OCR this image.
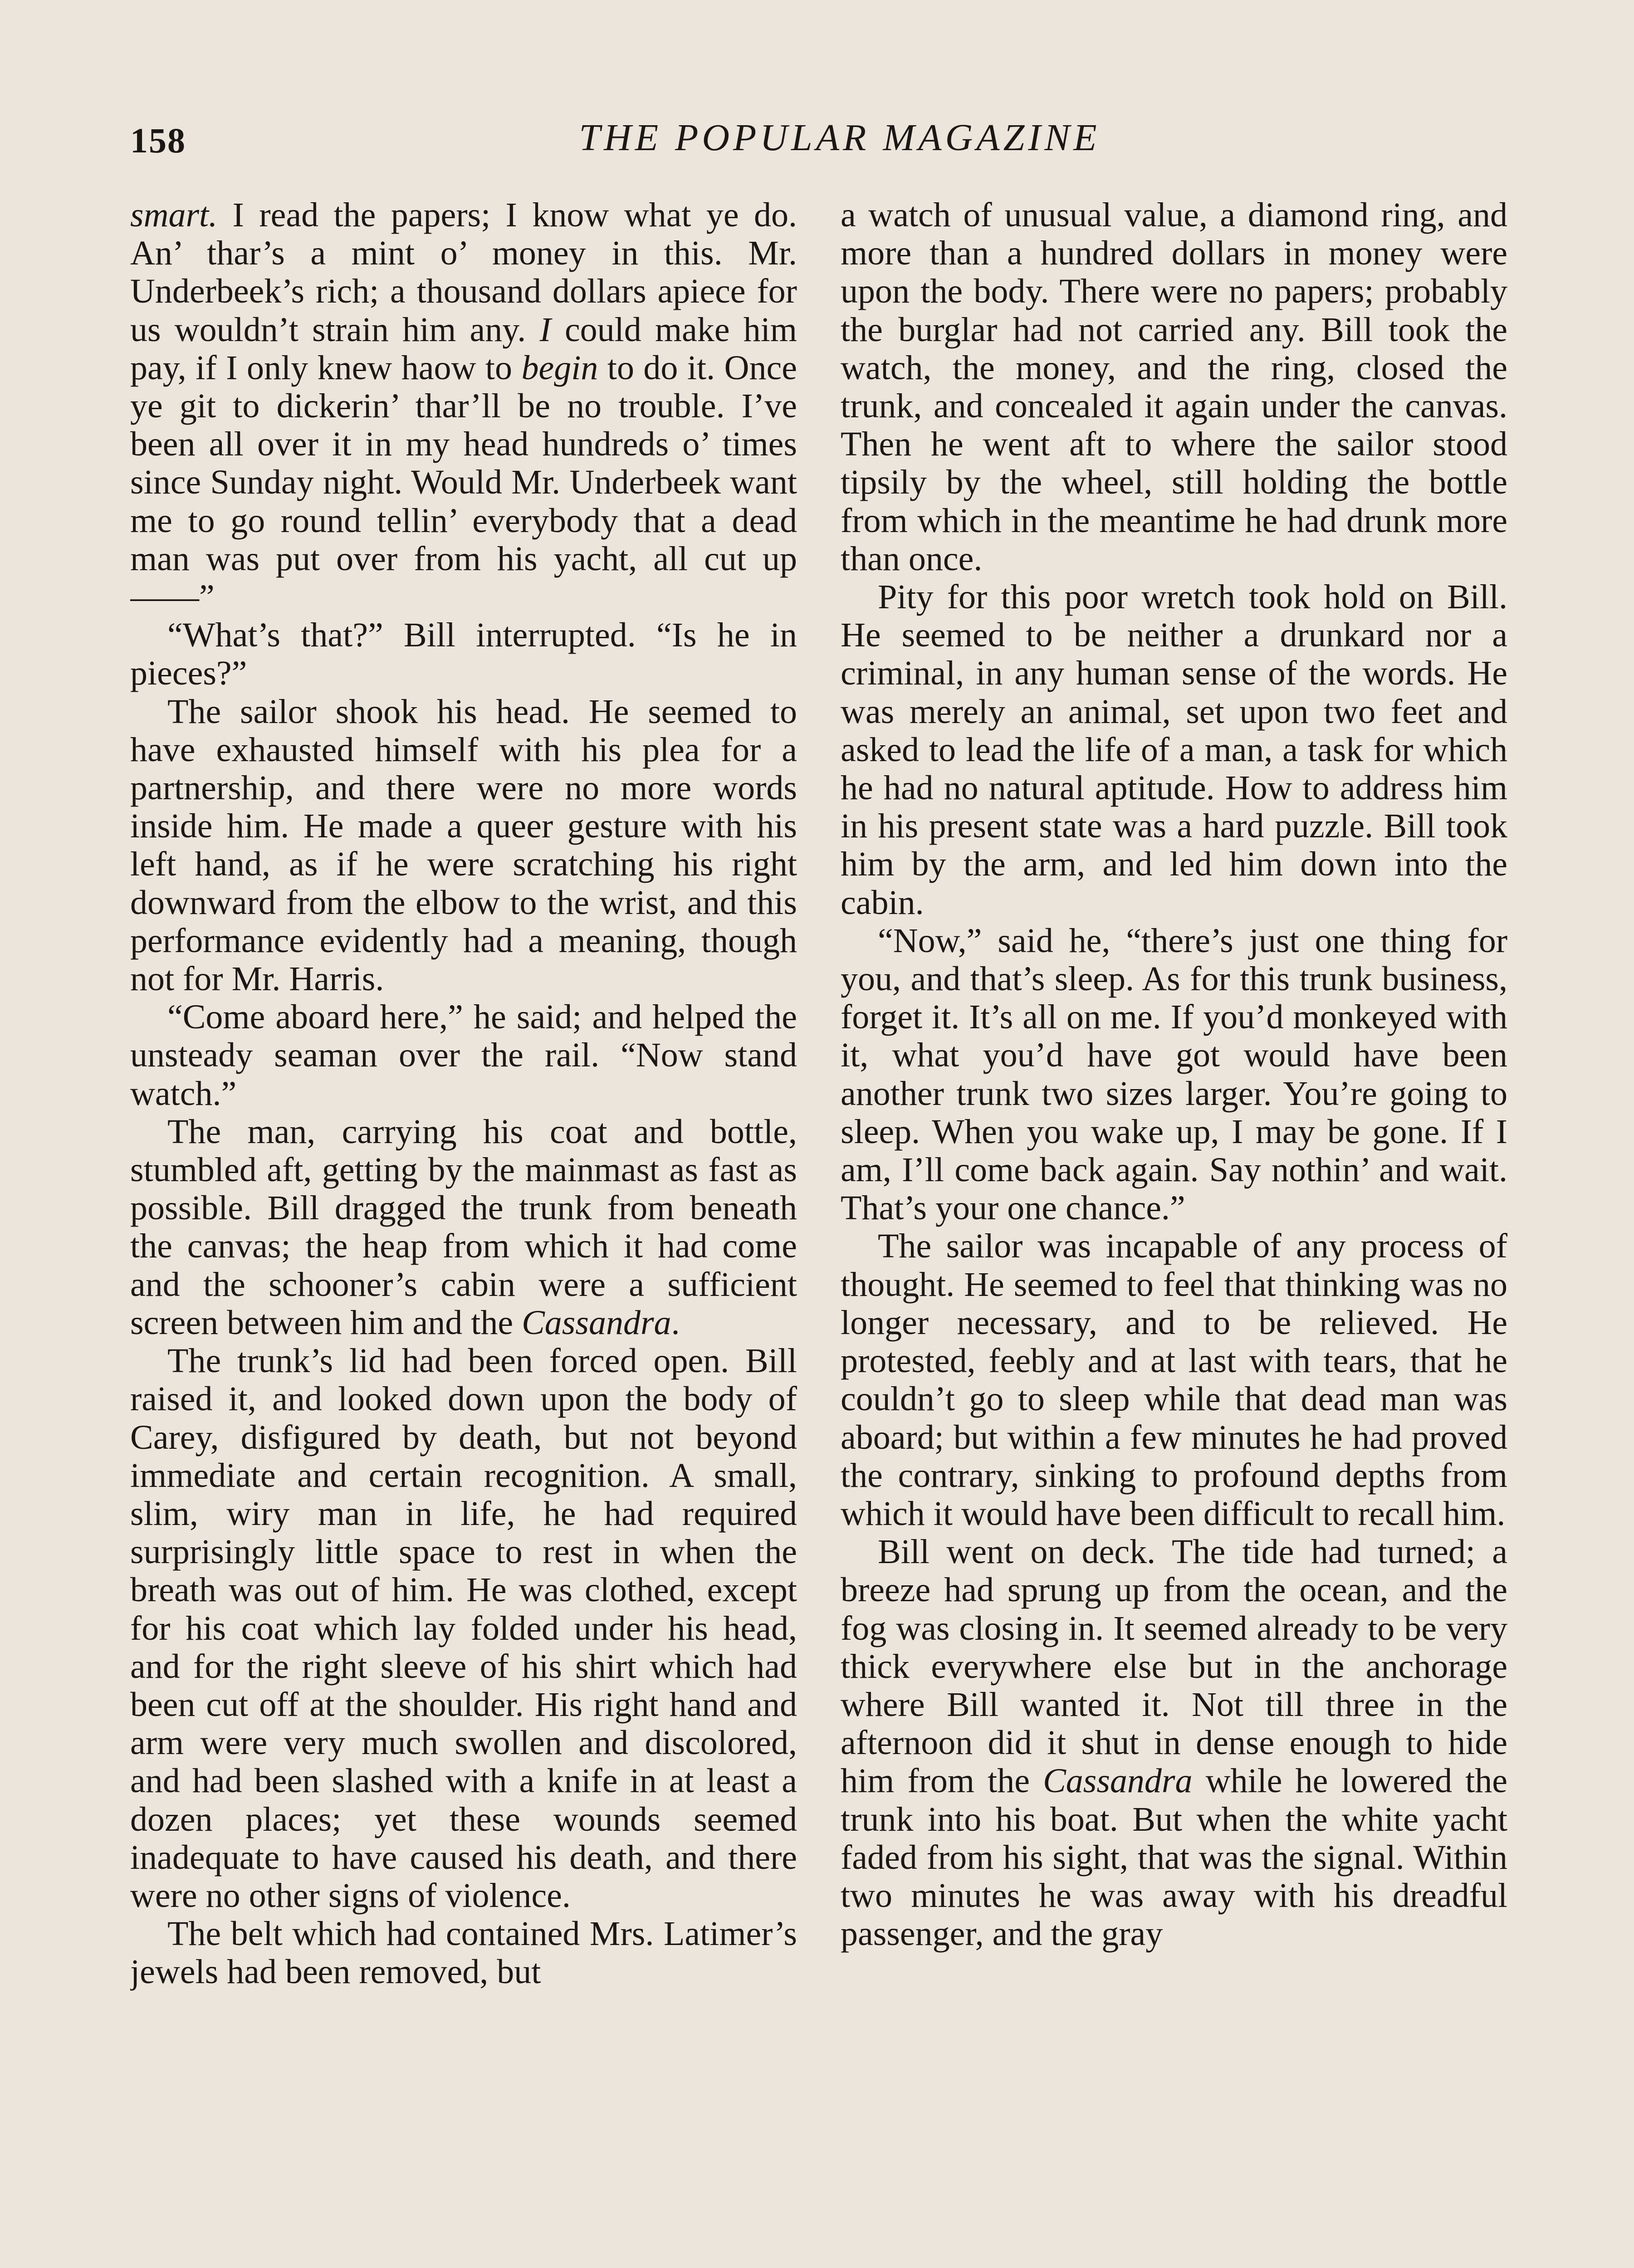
158	THE POPULAR MAGAZINE

smart. I read the papers; I know what ye do. An’ thar’s a mint o’ money in this. Mr. Underbeek’s rich; a thousand dollars apiece for us wouldn’t strain him any. I could make him pay, if I only knew haow to begin to do it. Once ye git to dickerin’ thar’ll be no trouble. I’ve been all over it in my head hundreds o’ times since Sunday night. Would Mr. Underbeek want me to go round tellin’ everybody that a dead man was put over from his yacht, all cut up——”

“What’s that?” Bill interrupted. “Is he in pieces?”

The sailor shook his head. He seemed to have exhausted himself with his plea for a partnership, and there were no more words inside him. He made a queer gesture with his left hand, as if he were scratching his right downward from the elbow to the wrist, and this performance evidently had a meaning, though not for Mr. Harris.

“Come aboard here,” he said; and helped the unsteady seaman over the rail. “Now stand watch.”

The man, carrying his coat and bottle, stumbled aft, getting by the mainmast as fast as possible. Bill dragged the trunk from beneath the canvas; the heap from which it had come and the schooner’s cabin were a sufficient screen between him and the Cassandra.

The trunk’s lid had been forced open. Bill raised it, and looked down upon the body of Carey, disfigured by death, but not beyond immediate and certain recognition. A small, slim, wiry man in life, he had required surprisingly little space to rest in when the breath was out of him. He was clothed, except for his coat which lay folded under his head, and for the right sleeve of his shirt which had been cut off at the shoulder. His right hand and arm were very much swollen and discolored, and had been slashed with a knife in at least a dozen places; yet these wounds seemed inadequate to have caused his death, and there were no other signs of violence.

The belt which had contained Mrs. Latimer’s jewels had been removed, but

a watch of unusual value, a diamond ring, and more than a hundred dollars in money were upon the body. There were no papers; probably the burglar had not carried any. Bill took the watch, the money, and the ring, closed the trunk, and concealed it again under the canvas. Then he went aft to where the sailor stood tipsily by the wheel, still holding the bottle from which in the meantime he had drunk more than once.

Pity for this poor wretch took hold on Bill. He seemed to be neither a drunkard nor a criminal, in any human sense of the words. He was merely an animal, set upon two feet and asked to lead the life of a man, a task for which he had no natural aptitude. How to address him in his present state was a hard puzzle. Bill took him by the arm, and led him down into the cabin.

“Now,” said he, “there’s just one thing for you, and that’s sleep. As for this trunk business, forget it. It’s all on me. If you’d monkeyed with it, what you’d have got would have been another trunk two sizes larger. You’re going to sleep. When you wake up, I may be gone. If I am, I’ll come back again. Say nothin’ and wait. That’s your one chance.”

The sailor was incapable of any process of thought. He seemed to feel that thinking was no longer necessary, and to be relieved. He protested, feebly and at last with tears, that he couldn’t go to sleep while that dead man was aboard; but within a few minutes he had proved the contrary, sinking to profound depths from which it would have been difficult to recall him.

Bill went on deck. The tide had turned; a breeze had sprung up from the ocean, and the fog was closing in. It seemed already to be very thick everywhere else but in the anchorage where Bill wanted it. Not till three in the afternoon did it shut in dense enough to hide him from the Cassandra while he lowered the trunk into his boat. But when the white yacht faded from his sight, that was the signal. Within two minutes he was away with his dreadful passenger, and the gray
